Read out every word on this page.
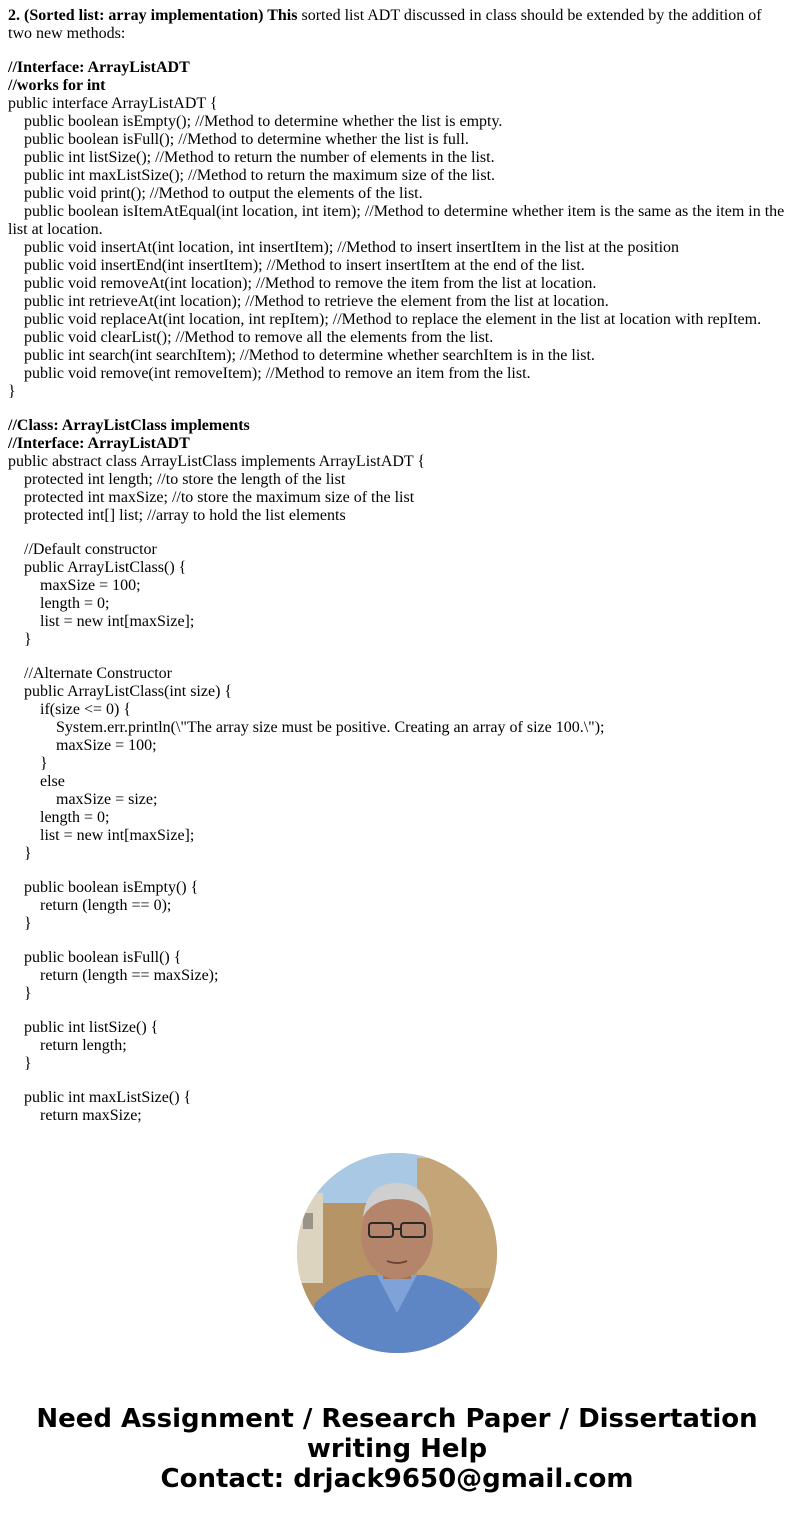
2. (Sorted list: array implementation) This sorted list ADT discussed in class should be extended by the addition of two new methods:

//Interface: ArrayListADT

//works for int

public interface ArrayListADT {

public boolean isEmpty(); //Method to determine whether the list is empty.

public boolean isFull(); //Method to determine whether the list is full.

public int listSize(); //Method to return the number of elements in the list.

public int maxListSize(); //Method to return the maximum size of the list.

public void print(); //Method to output the elements of the list.

public boolean isItemAtEqual(int location, int item); //Method to determine whether item is the same as the item in the list at location.

public void insertAt(int location, int insertItem); //Method to insert insertItem in the list at the position

public void insertEnd(int insertItem); //Method to insert insertItem at the end of the list.

public void removeAt(int location); //Method to remove the item from the list at location.

public int retrieveAt(int location); //Method to retrieve the element from the list at location.

public void replaceAt(int location, int repItem); //Method to replace the element in the list at location with repItem.

public void clearList(); //Method to remove all the elements from the list.

public int search(int searchItem); //Method to determine whether searchItem is in the list.

public void remove(int removeItem); //Method to remove an item from the list.

}

//Class: ArrayListClass implements

//Interface: ArrayListADT

public abstract class ArrayListClass implements ArrayListADT {

protected int length; //to store the length of the list

protected int maxSize; //to store the maximum size of the list

protected int[] list; //array to hold the list elements

//Default constructor

public ArrayListClass() {

maxSize = 100;

length = 0;

list = new int[maxSize];

}

//Alternate Constructor

public ArrayListClass(int size) {

if(size <= 0) {

System.err.println(\"The array size must be positive. Creating an array of size 100.\");

maxSize = 100;

}

else

maxSize = size;

length = 0;

list = new int[maxSize];

}

public boolean isEmpty() {

return (length == 0);

}

public boolean isFull() {

return (length == maxSize);

}

public int listSize() {

return length;

}

public int maxListSize() {

return maxSize;

Need Assignment / Research Paper / Dissertation writing Help

Contact: drjack9650@gmail.com
